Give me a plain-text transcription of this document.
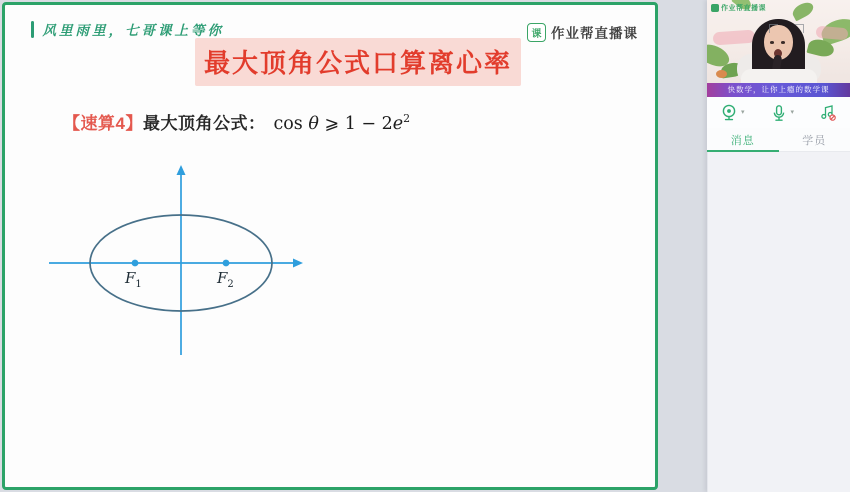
风里雨里，七哥课上等你	课 作业帮直播课
最大顶角公式口算离心率
【速算4】 最大顶角公式： cos θ ⩾ $1 - 2e^2$
$F_1$	$F_2$
作业帮直播课
快数学，让你上瘾的数学课
▾	▾
消息	学员
